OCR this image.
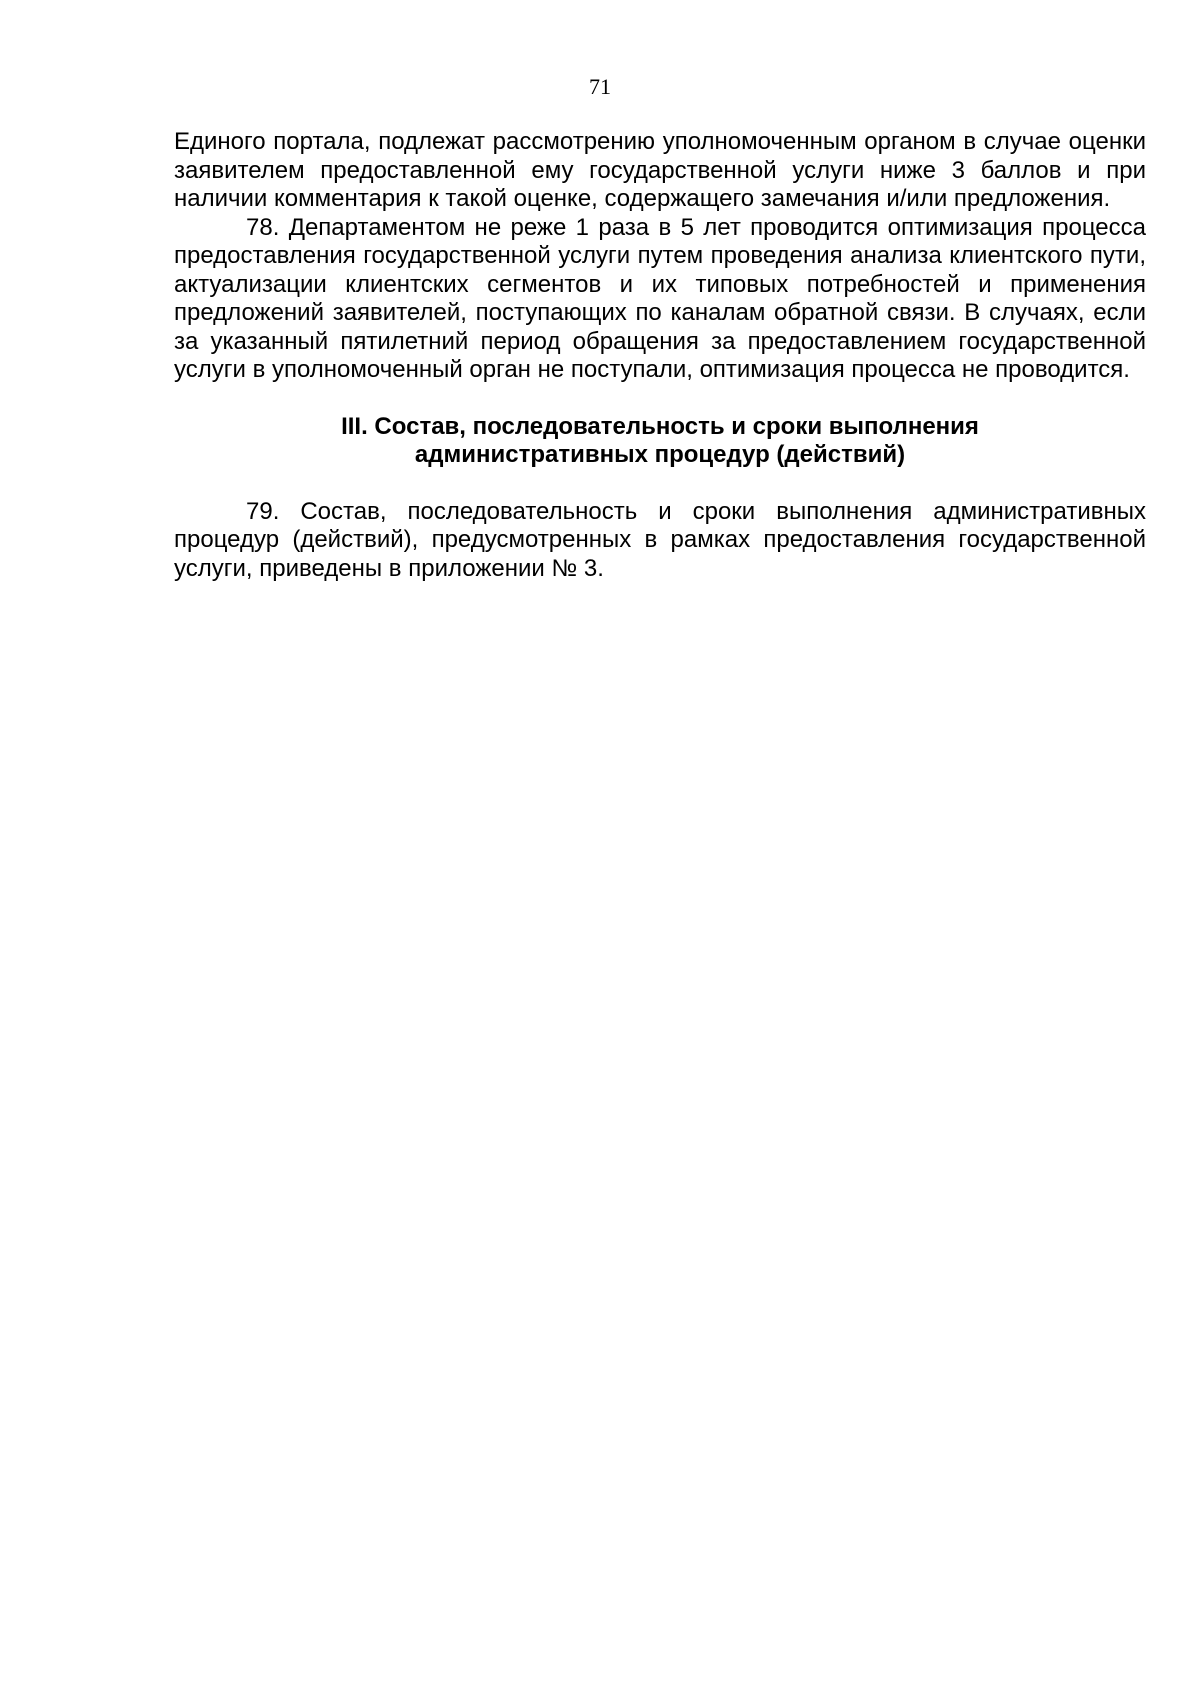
71

Единого портала, подлежат рассмотрению уполномоченным органом в случае оценки заявителем предоставленной ему государственной услуги ниже 3 баллов и при наличии комментария к такой оценке, содержащего замечания и/или предложения.

78. Департаментом не реже 1 раза в 5 лет проводится оптимизация процесса предоставления государственной услуги путем проведения анализа клиентского пути, актуализации клиентских сегментов и их типовых потребностей и применения предложений заявителей, поступающих по каналам обратной связи. В случаях, если за указанный пятилетний период обращения за предоставлением государственной услуги в уполномоченный орган не поступали, оптимизация процесса не проводится.

III. Состав, последовательность и сроки выполнения
административных процедур (действий)

79. Состав, последовательность и сроки выполнения административных процедур (действий), предусмотренных в рамках предоставления государственной услуги, приведены в приложении № 3.
